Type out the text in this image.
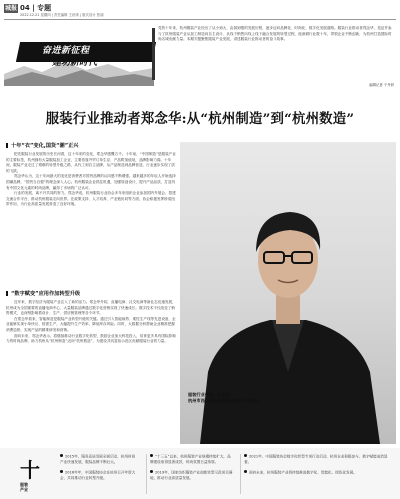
城报 04 | 专题
2022.12.21 星期四 | 责任编辑 王丝琪 | 版式设计 张丽
奋进新征程
建功新时代
党的十年来，杭州服装产业经历了从小到大、由弱到强的发展历程，逐步迈向品牌化、时尚化、数字化发展道路。服装行业推动者郑念华，见证并参与了杭州服装产业从加工制造向自主设计、从线下销售向线上线下融合发展的转型过程，他深耕行业数十年，带领企业不断创新，为杭州打造国际时尚名城贡献力量。本期专题聚焦服装产业发展，讲述服装行业推动者的奋斗故事。
编辑记者 于丹妍
服装行业推动者郑念华:从“杭州制造”到“杭州数造”
十年“衣”变化,国货“潮”正兴
把先服装行业发展的历史长河看，这十年来的变化，郑念华感慨万千。十年前，“中国制造”是服装产业的主要标签，杭州拥有大量服装加工企业，主要依靠外贸订单生存，产品附加值低，品牌影响力弱。十年间，服装产业走过了艰难的转型升级之路，从代工到自主品牌，从产品制造到品牌营造，行业逐步实现了质的飞跃。
郑念华认为，这十年间最大的变化是消费者对国货品牌的认同感不断增强。越来越多的年轻人开始选择国潮品牌，“国货当自强”的理念深入人心。杭州服装企业抓住机遇，加强原创设计，提升产品品质，打造具有中国文化元素的时尚品牌，赢得了市场的广泛认可。
行业的发展，离不开共同的努力。郑念华说，杭州服装行业协会多年来组织企业参加国内外展会，搭建交流合作平台，推动杭州服装走向世界。在政策支持、人才培养、产业链协同等方面，协会积极发挥桥梁纽带作用，为行业高质量发展营造了良好环境。
“数字赋变”应用作加转型升级
近年来，数字经济为服装产业注入了新的活力。郑念华介绍，直播电商、社交电商等新业态迅速发展，杭州成为全国重要的直播电商中心，大量服装品牌通过数字化营销实现了快速成长。数字技术不仅改变了销售模式，也深刻影响着设计、生产、供应链管理等各个环节。
在郑念华看来，智能制造是服装产业转型升级的关键。通过引入智能裁剪、柔性生产线等先进设备，企业能够实现小单快反、按需生产，大幅提升生产效率，降低库存风险。同时，大数据分析帮助企业精准把握消费趋势，实现产品的精准研发和营销。
面向未来，郑念华表示，将继续推动行业数字化转型，鼓励企业加大科技投入，培育更多具有国际影响力的时尚品牌，助力杭州从“杭州制造”迈向“杭州数造”，为建设共同富裕示范区贡献服装行业的力量。
服装行业代表：郑念华
杭州市西小镇服装发展有限公司董事长
十
服装
产业
2015年，服务高质发展全面启动，杭州时尚产业快速发展，服装品牌不断壮大。
2016年年，中国服装协会在杭州召开年度大会，共同推动行业转型升级。
“十三五”以来，杭州服装产业规模持续扩大，品牌建设取得显著成效，时尚氛围日益浓厚。
2019年，国家纺织服装产业创新转型示范项目落地，推动行业高质量发展。
2021年，中国服装协会数字化转型专项行动启动，杭州企业积极参与，数字赋能成效显著。
面向未来，杭州服装产业将持续推进数字化、智能化、绿色化发展。
